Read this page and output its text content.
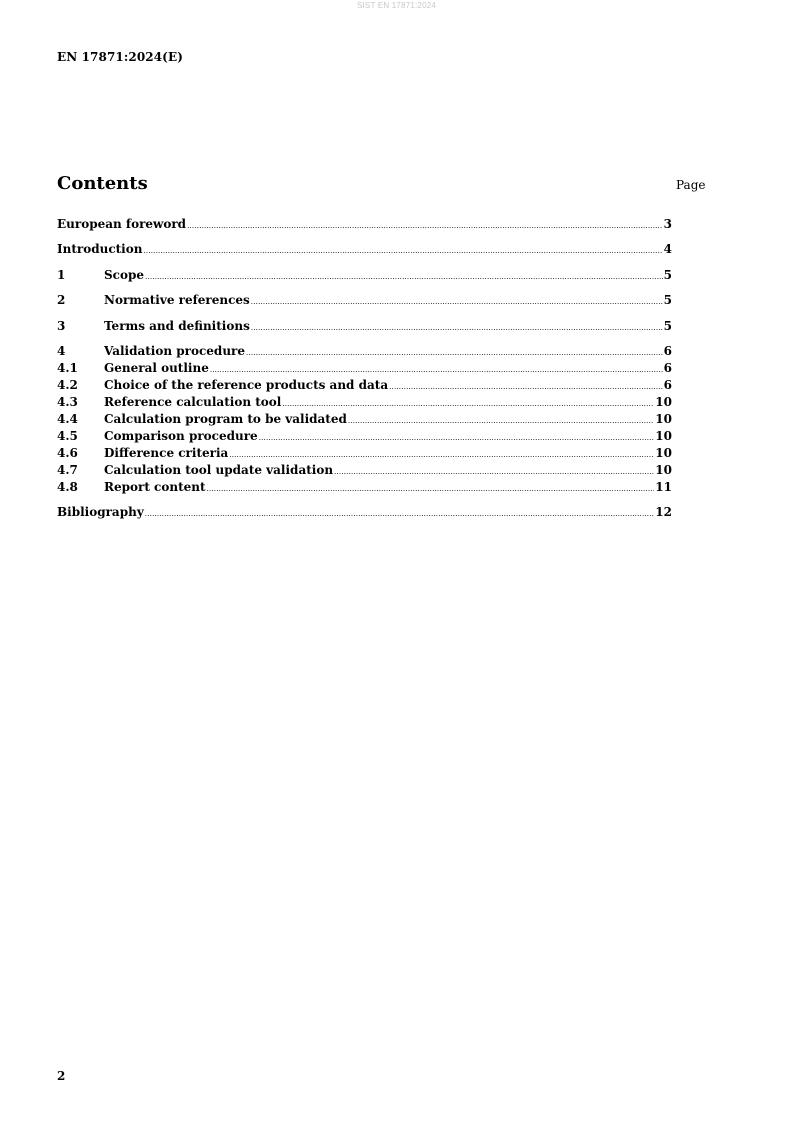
SIST EN 17871:2024
EN 17871:2024(E)
Contents	Page
European foreword .....	3
Introduction .....	4
1	Scope .....	5
2	Normative references .....	5
3	Terms and definitions .....	5
4	Validation procedure .....	6
4.1	General outline .....	6
4.2	Choice of the reference products and data .....	6
4.3	Reference calculation tool .....	10
4.4	Calculation program to be validated .....	10
4.5	Comparison procedure .....	10
4.6	Difference criteria .....	10
4.7	Calculation tool update validation .....	10
4.8	Report content .....	11
Bibliography .....	12
2
